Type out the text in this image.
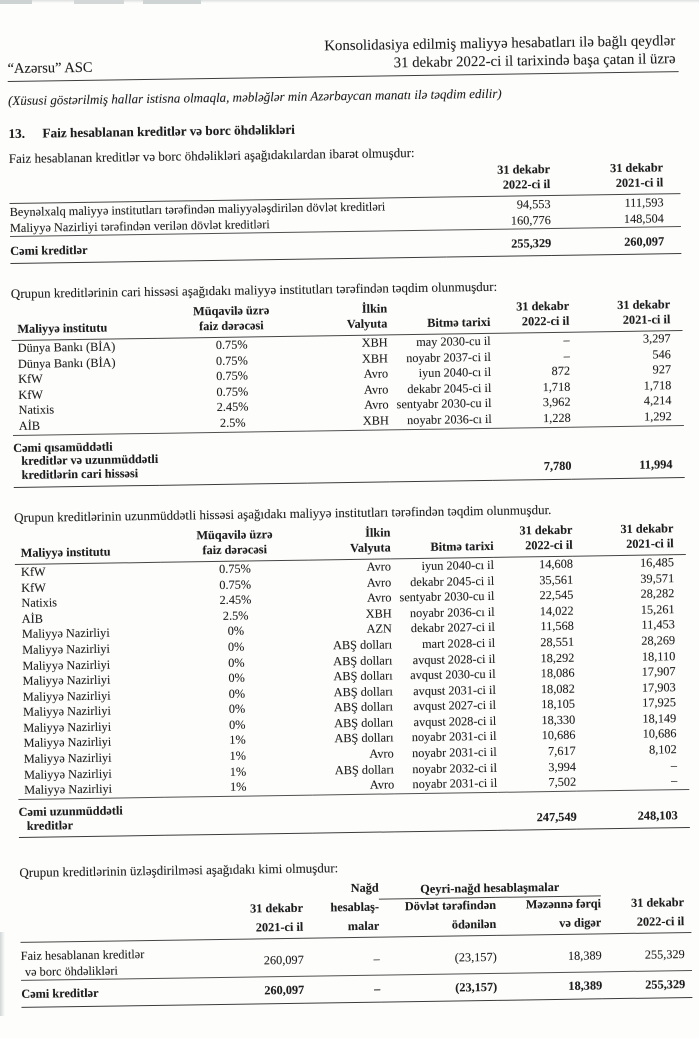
“Azərsu” ASC
Konsolidasiya edilmiş maliyyə hesabatları ilə bağlı qeydlər
31 dekabr 2022-ci il tarixində başa çatan il üzrə
(Xüsusi göstərilmiş hallar istisna olmaqla, məbləğlər min Azərbaycan manatı ilə təqdim edilir)
13.	Faiz hesablanan kreditlər və borc öhdəlikləri

Faiz hesablanan kreditlər və borc öhdəlikləri aşağıdakılardan ibarət olmuşdur:

31 dekabr
2022-ci il

31 dekabr
2021-ci il

Beynəlxalq maliyyə institutları tərəfindən maliyyələşdirilən dövlət kreditləri	94,553	111,593
Maliyyə Nazirliyi tərəfindən verilən dövlət kreditləri	160,776	148,504
Cəmi kreditlər	255,329	260,097

Qrupun kreditlərinin cari hissəsi aşağıdakı maliyyə institutları tərəfindən təqdim olunmuşdur:

Maliyyə institutu	
Müqavilə üzrə
faiz dərəcəsi

İlkin
Valyuta	Bitmə tarixi	
31 dekabr
2022-ci il

31 dekabr
2021-ci il

Dünya Bankı (BİA)	0.75%	XBH	may 2030-cu il	–	3,297
Dünya Bankı (BİA)	0.75%	XBH	noyabr 2037-ci il	–	546
KfW	0.75%	Avro	iyun 2040-cı il	872	927
KfW	0.75%	Avro	dekabr 2045-ci il	1,718	1,718
Natixis	2.45%	Avro	sentyabr 2030-cu il	3,962	4,214
AİB	2.5%	XBH	noyabr 2036-cı il	1,228	1,292

Cəmi qısamüddətli
kreditlər və uzunmüddətli
kreditlərin cari hissəsi				7,780	11,994

Qrupun kreditlərinin uzunmüddətli hissəsi aşağıdakı maliyyə institutları tərəfindən təqdim olunmuşdur.

Maliyyə institutu	
Müqavilə üzrə
faiz dərəcəsi

İlkin
Valyuta	Bitmə tarixi	
31 dekabr
2022-ci il

31 dekabr
2021-ci il

KfW	0.75%	Avro	iyun 2040-cı il	14,608	16,485
KfW	0.75%	Avro	dekabr 2045-ci il	35,561	39,571
Natixis	2.45%	Avro	sentyabr 2030-cu il	22,545	28,282
AİB	2.5%	XBH	noyabr 2036-cı il	14,022	15,261
Maliyyə Nazirliyi	0%	AZN	dekabr 2027-ci il	11,568	11,453
Maliyyə Nazirliyi	0%	ABŞ dolları	mart 2028-ci il	28,551	28,269
Maliyyə Nazirliyi	0%	ABŞ dolları	avqust 2028-ci il	18,292	18,110
Maliyyə Nazirliyi	0%	ABŞ dolları	avqust 2030-cu il	18,086	17,907
Maliyyə Nazirliyi	0%	ABŞ dolları	avqust 2031-ci il	18,082	17,903
Maliyyə Nazirliyi	0%	ABŞ dolları	avqust 2027-ci il	18,105	17,925
Maliyyə Nazirliyi	0%	ABŞ dolları	avqust 2028-ci il	18,330	18,149
Maliyyə Nazirliyi	1%	ABŞ dolları	noyabr 2031-ci il	10,686	10,686
Maliyyə Nazirliyi	1%	Avro	noyabr 2031-ci il	7,617	8,102
Maliyyə Nazirliyi	1%	ABŞ dolları	noyabr 2032-ci il	3,994	–
Maliyyə Nazirliyi	1%	Avro	noyabr 2031-ci il	7,502	–

Cəmi uzunmüddətli
kreditlər				247,549	248,103

Qrupun kreditlərinin üzləşdirilməsi aşağıdakı kimi olmuşdur:

		Nağd	Qeyri-nağd hesablaşmalar		
	31 dekabr	hesablaş-	Dövlət tərəfindən	Məzənnə fərqi	31 dekabr
	2021-ci il	malar	ödənilən	və digər	2022-ci il

Faiz hesablanan kreditlər
və borc öhdəlikləri	260,097	–	(23,157)	18,389	255,329
Cəmi kreditlər	260,097	–	(23,157)	18,389	255,329
